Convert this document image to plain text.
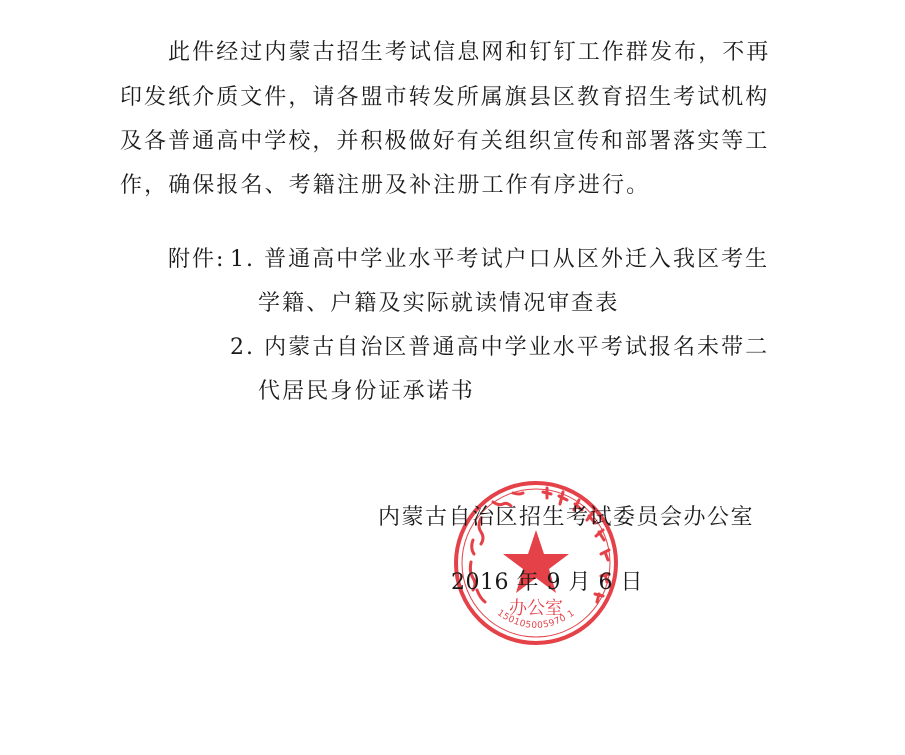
此件经过内蒙古招生考试信息网和钉钉工作群发布，不再
印发纸介质文件，请各盟市转发所属旗县区教育招生考试机构
及各普通高中学校，并积极做好有关组织宣传和部署落实等工
作，确保报名、考籍注册及补注册工作有序进行。
附件: 1. 普通高中学业水平考试户口从区外迁入我区考生
学籍、户籍及实际就读情况审查表
2. 内蒙古自治区普通高中学业水平考试报名未带二
代居民身份证承诺书
办公室
150105005970 1
内蒙古自治区招生考试委员会办公室
2016 年 9 月 6 日
